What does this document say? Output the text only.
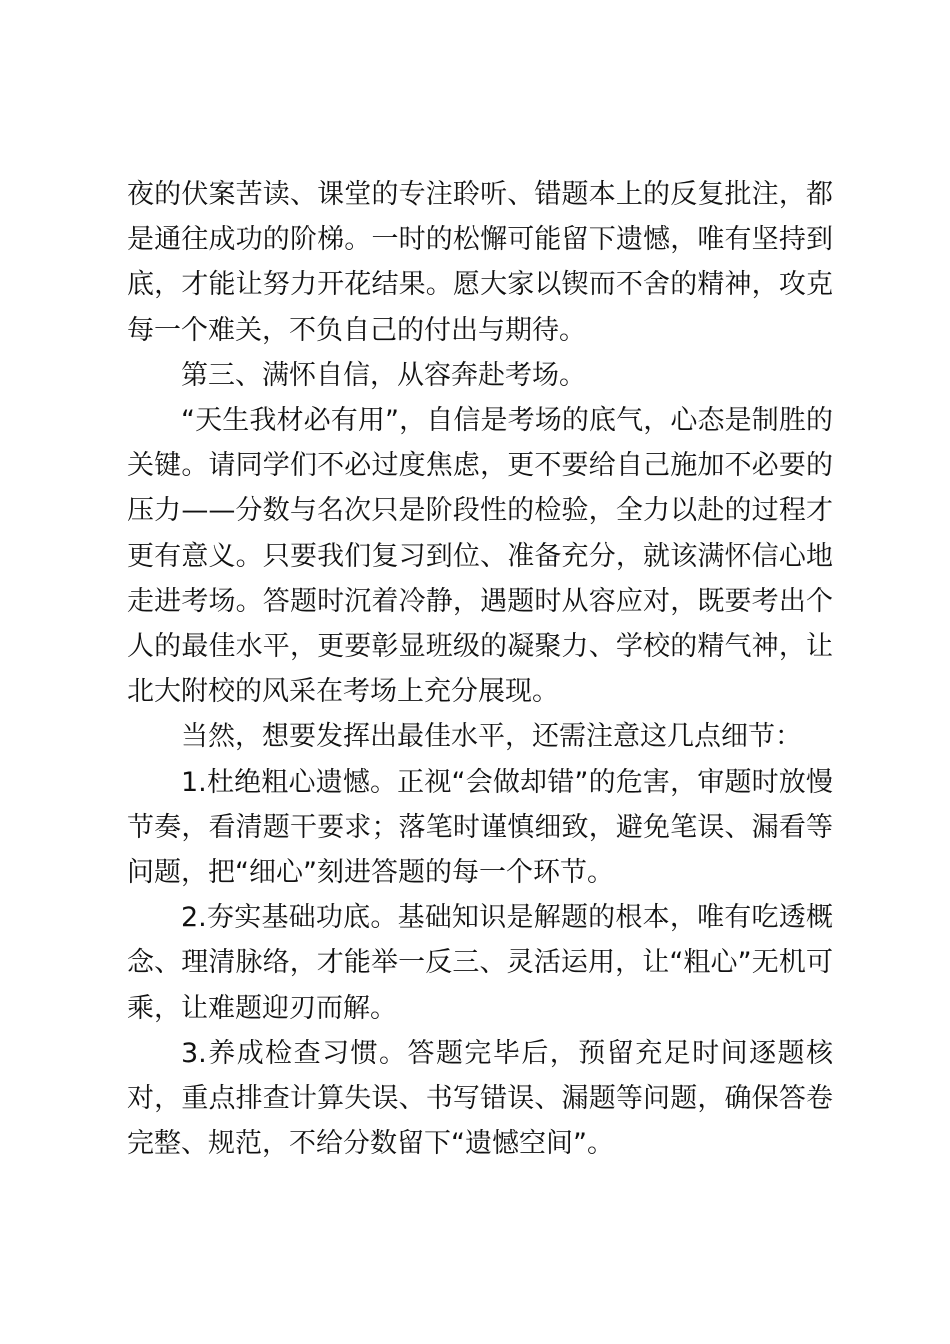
夜的伏案苦读、课堂的专注聆听、错题本上的反复批注，都是通往成功的阶梯。一时的松懈可能留下遗憾，唯有坚持到底，才能让努力开花结果。愿大家以锲而不舍的精神，攻克每一个难关，不负自己的付出与期待。

第三、满怀自信，从容奔赴考场。

“天生我材必有用”，自信是考场的底气，心态是制胜的关键。请同学们不必过度焦虑，更不要给自己施加不必要的压力——分数与名次只是阶段性的检验，全力以赴的过程才更有意义。只要我们复习到位、准备充分，就该满怀信心地走进考场。答题时沉着冷静，遇题时从容应对，既要考出个人的最佳水平，更要彰显班级的凝聚力、学校的精气神，让北大附校的风采在考场上充分展现。

当然，想要发挥出最佳水平，还需注意这几点细节：

1.杜绝粗心遗憾。正视“会做却错”的危害，审题时放慢节奏，看清题干要求；落笔时谨慎细致，避免笔误、漏看等问题，把“细心”刻进答题的每一个环节。

2.夯实基础功底。基础知识是解题的根本，唯有吃透概念、理清脉络，才能举一反三、灵活运用，让“粗心”无机可乘，让难题迎刃而解。

3.养成检查习惯。答题完毕后，预留充足时间逐题核对，重点排查计算失误、书写错误、漏题等问题，确保答卷完整、规范，不给分数留下“遗憾空间”。
